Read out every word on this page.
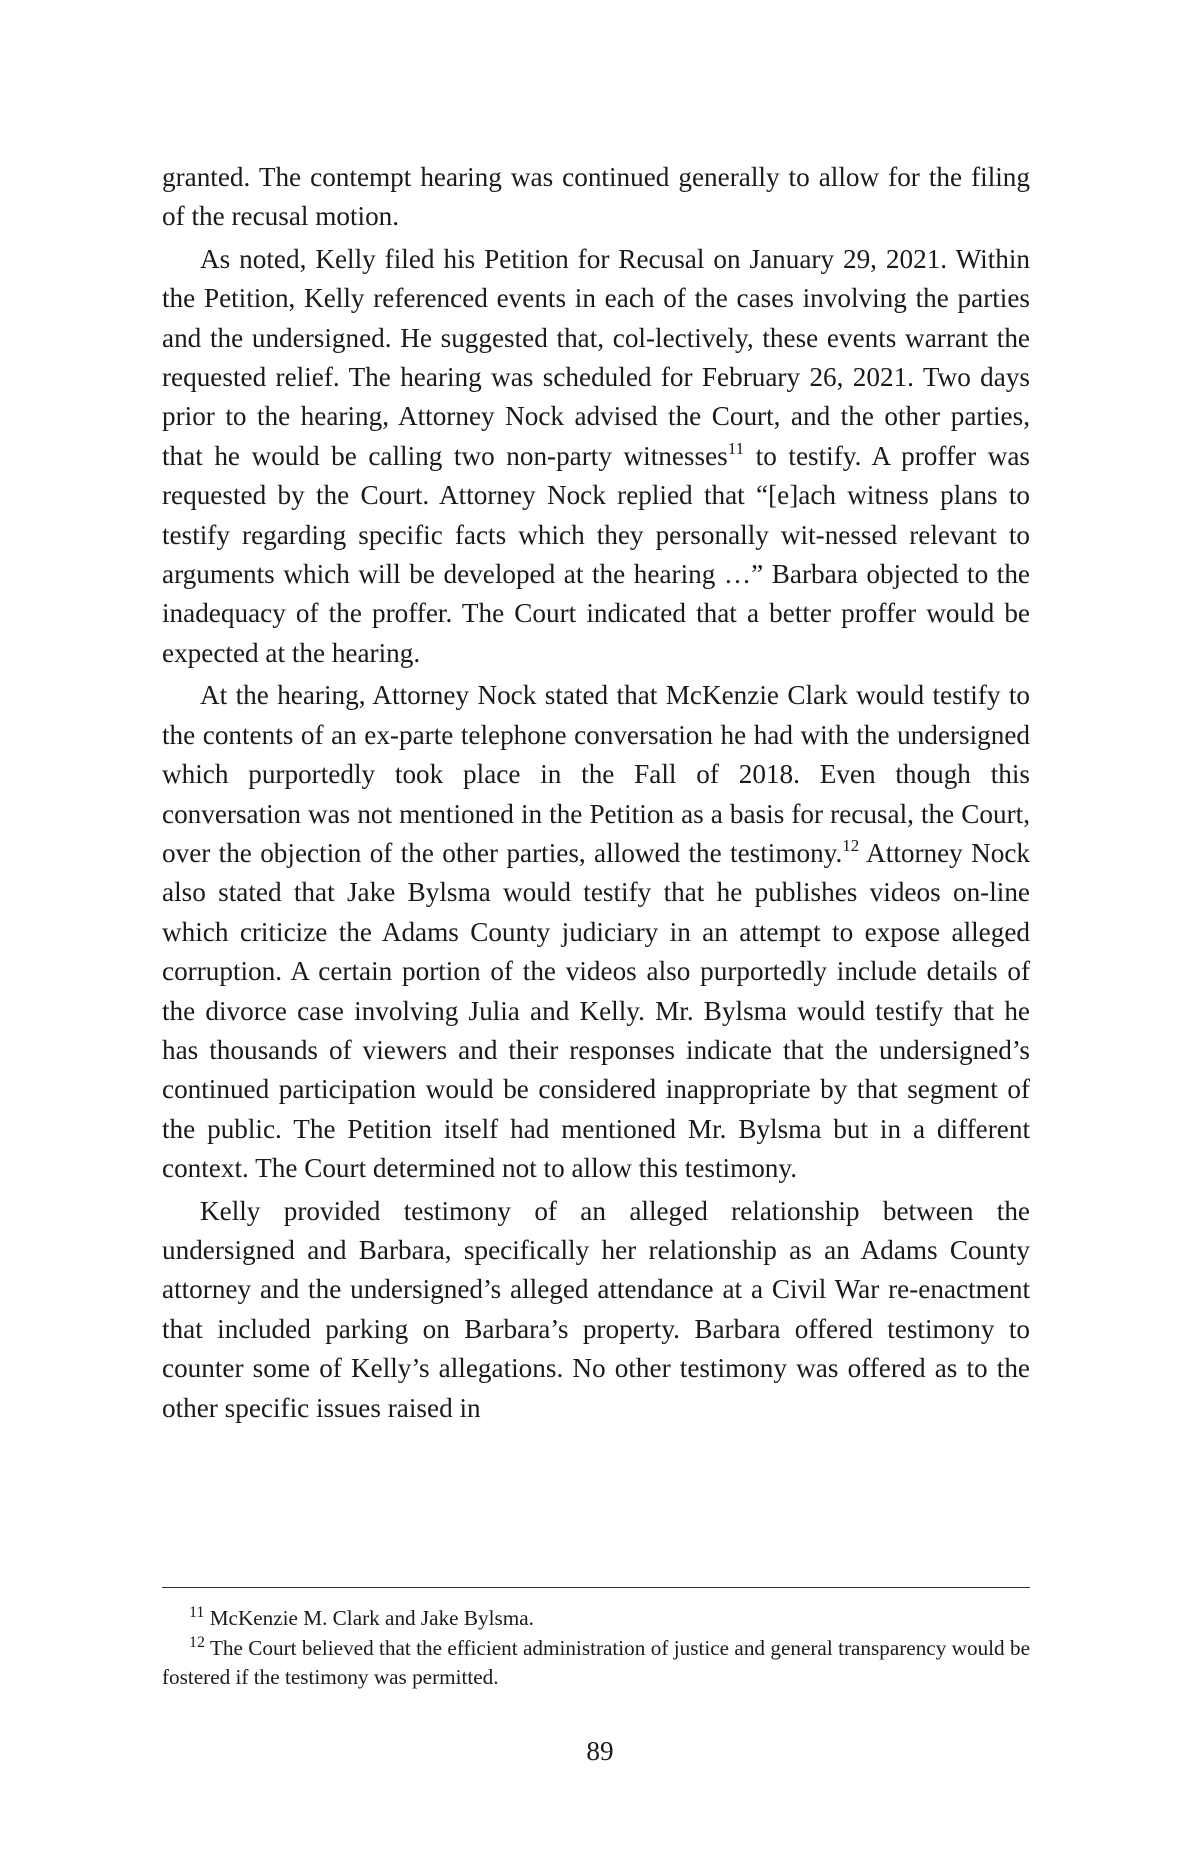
granted. The contempt hearing was continued generally to allow for the filing of the recusal motion.

As noted, Kelly filed his Petition for Recusal on January 29, 2021. Within the Petition, Kelly referenced events in each of the cases involving the parties and the undersigned. He suggested that, col-lectively, these events warrant the requested relief. The hearing was scheduled for February 26, 2021. Two days prior to the hearing, Attorney Nock advised the Court, and the other parties, that he would be calling two non-party witnesses$^{11}$ to testify. A proffer was requested by the Court. Attorney Nock replied that “[e]ach witness plans to testify regarding specific facts which they personally wit-nessed relevant to arguments which will be developed at the hearing …” Barbara objected to the inadequacy of the proffer. The Court indicated that a better proffer would be expected at the hearing.

At the hearing, Attorney Nock stated that McKenzie Clark would testify to the contents of an ex-parte telephone conversation he had with the undersigned which purportedly took place in the Fall of 2018. Even though this conversation was not mentioned in the Petition as a basis for recusal, the Court, over the objection of the other parties, allowed the testimony.$^{12}$ Attorney Nock also stated that Jake Bylsma would testify that he publishes videos on-line which criticize the Adams County judiciary in an attempt to expose alleged corruption. A certain portion of the videos also purportedly include details of the divorce case involving Julia and Kelly. Mr. Bylsma would testify that he has thousands of viewers and their responses indicate that the undersigned’s continued participation would be considered inappropriate by that segment of the public. The Petition itself had mentioned Mr. Bylsma but in a different context. The Court determined not to allow this testimony.

Kelly provided testimony of an alleged relationship between the undersigned and Barbara, specifically her relationship as an Adams County attorney and the undersigned’s alleged attendance at a Civil War re-enactment that included parking on Barbara’s property. Barbara offered testimony to counter some of Kelly’s allegations. No other testimony was offered as to the other specific issues raised in

$^{11}$ McKenzie M. Clark and Jake Bylsma.

$^{12}$ The Court believed that the efficient administration of justice and general transparency would be fostered if the testimony was permitted.

89
